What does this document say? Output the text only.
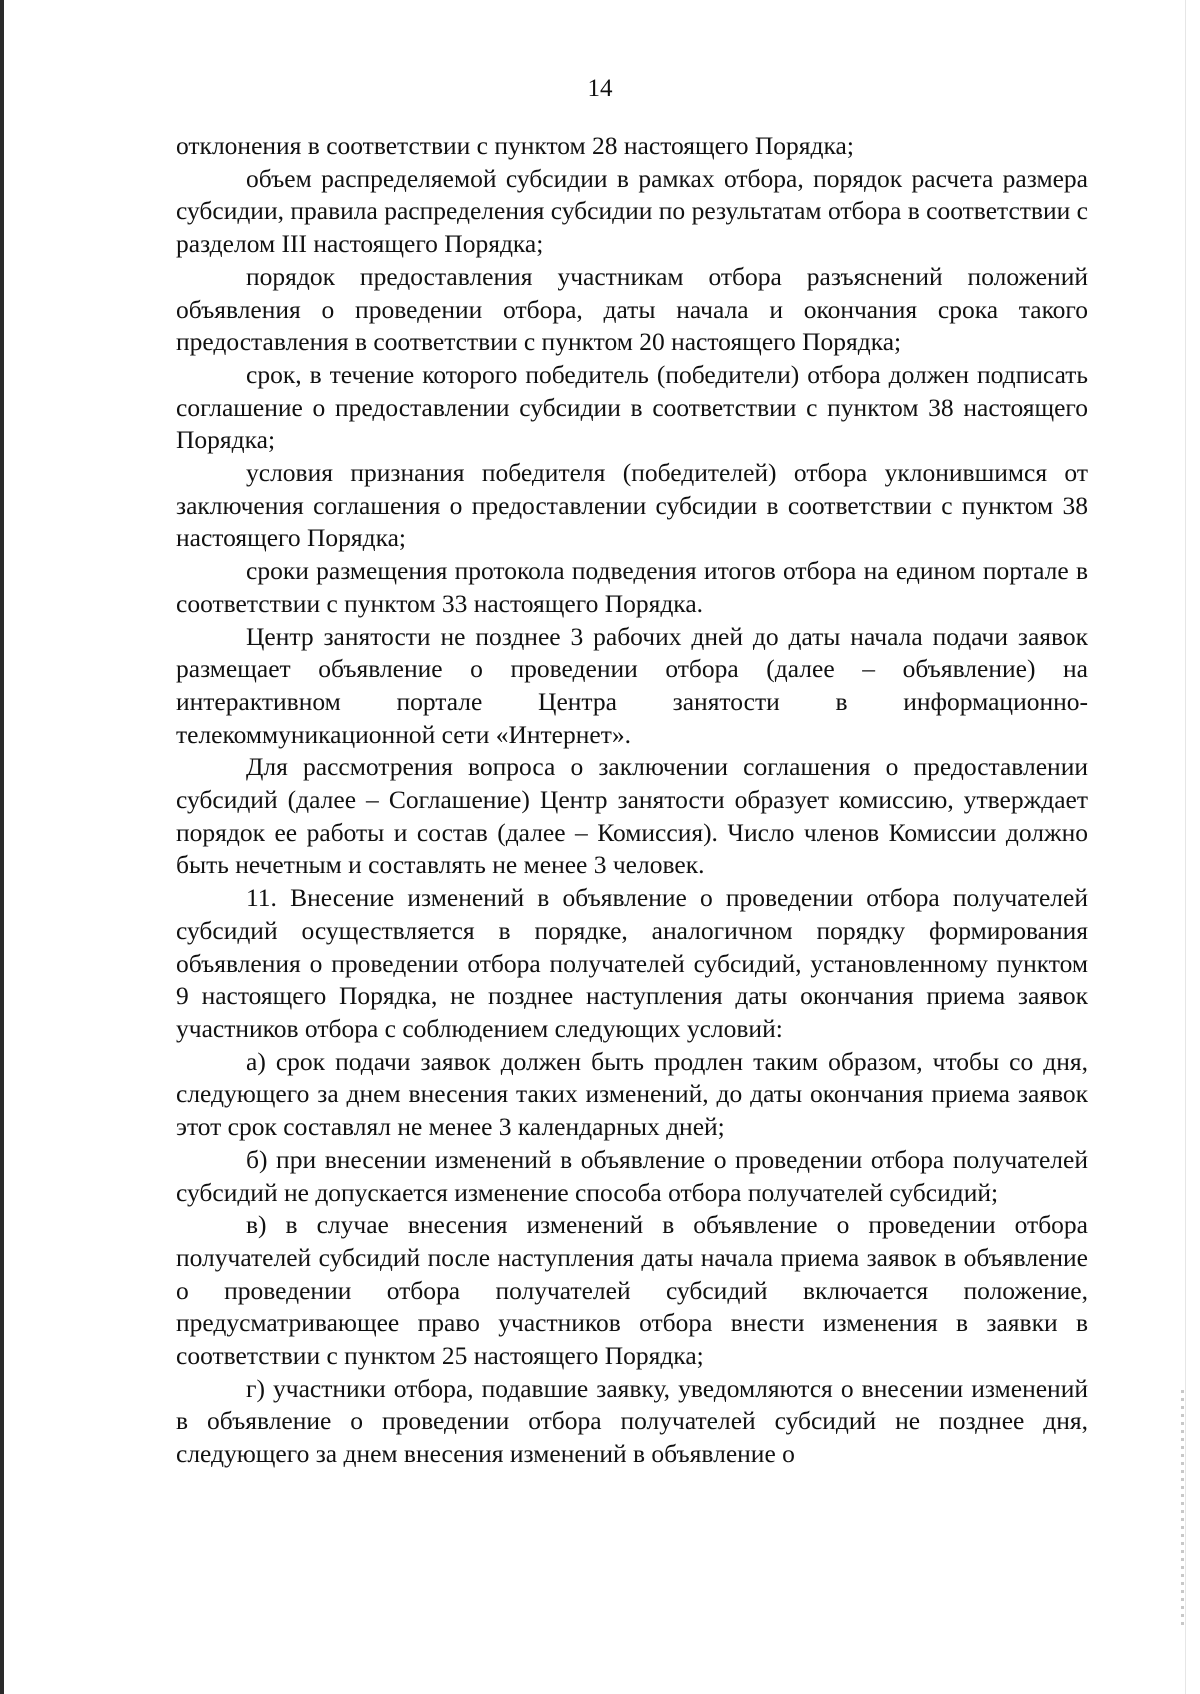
14

отклонения в соответствии с пунктом 28 настоящего Порядка;

объем распределяемой субсидии в рамках отбора, порядок расчета размера субсидии, правила распределения субсидии по результатам отбора в соответствии с разделом III настоящего Порядка;

порядок предоставления участникам отбора разъяснений положений объявления о проведении отбора, даты начала и окончания срока такого предоставления в соответствии с пунктом 20 настоящего Порядка;

срок, в течение которого победитель (победители) отбора должен подписать соглашение о предоставлении субсидии в соответствии с пунктом 38 настоящего Порядка;

условия признания победителя (победителей) отбора уклонившимся от заключения соглашения о предоставлении субсидии в соответствии с пунктом 38 настоящего Порядка;

сроки размещения протокола подведения итогов отбора на едином портале в соответствии с пунктом 33 настоящего Порядка.

Центр занятости не позднее 3 рабочих дней до даты начала подачи заявок размещает объявление о проведении отбора (далее – объявление) на интерактивном портале Центра занятости в информационно-телекоммуникационной сети «Интернет».

Для рассмотрения вопроса о заключении соглашения о предоставлении субсидий (далее – Соглашение) Центр занятости образует комиссию, утверждает порядок ее работы и состав (далее – Комиссия). Число членов Комиссии должно быть нечетным и составлять не менее 3 человек.

11. Внесение изменений в объявление о проведении отбора получателей субсидий осуществляется в порядке, аналогичном порядку формирования объявления о проведении отбора получателей субсидий, установленному пунктом 9 настоящего Порядка, не позднее наступления даты окончания приема заявок участников отбора с соблюдением следующих условий:

а) срок подачи заявок должен быть продлен таким образом, чтобы со дня, следующего за днем внесения таких изменений, до даты окончания приема заявок этот срок составлял не менее 3 календарных дней;

б) при внесении изменений в объявление о проведении отбора получателей субсидий не допускается изменение способа отбора получателей субсидий;

в) в случае внесения изменений в объявление о проведении отбора получателей субсидий после наступления даты начала приема заявок в объявление о проведении отбора получателей субсидий включается положение, предусматривающее право участников отбора внести изменения в заявки в соответствии с пунктом 25 настоящего Порядка;

г) участники отбора, подавшие заявку, уведомляются о внесении изменений в объявление о проведении отбора получателей субсидий не позднее дня, следующего за днем внесения изменений в объявление о
